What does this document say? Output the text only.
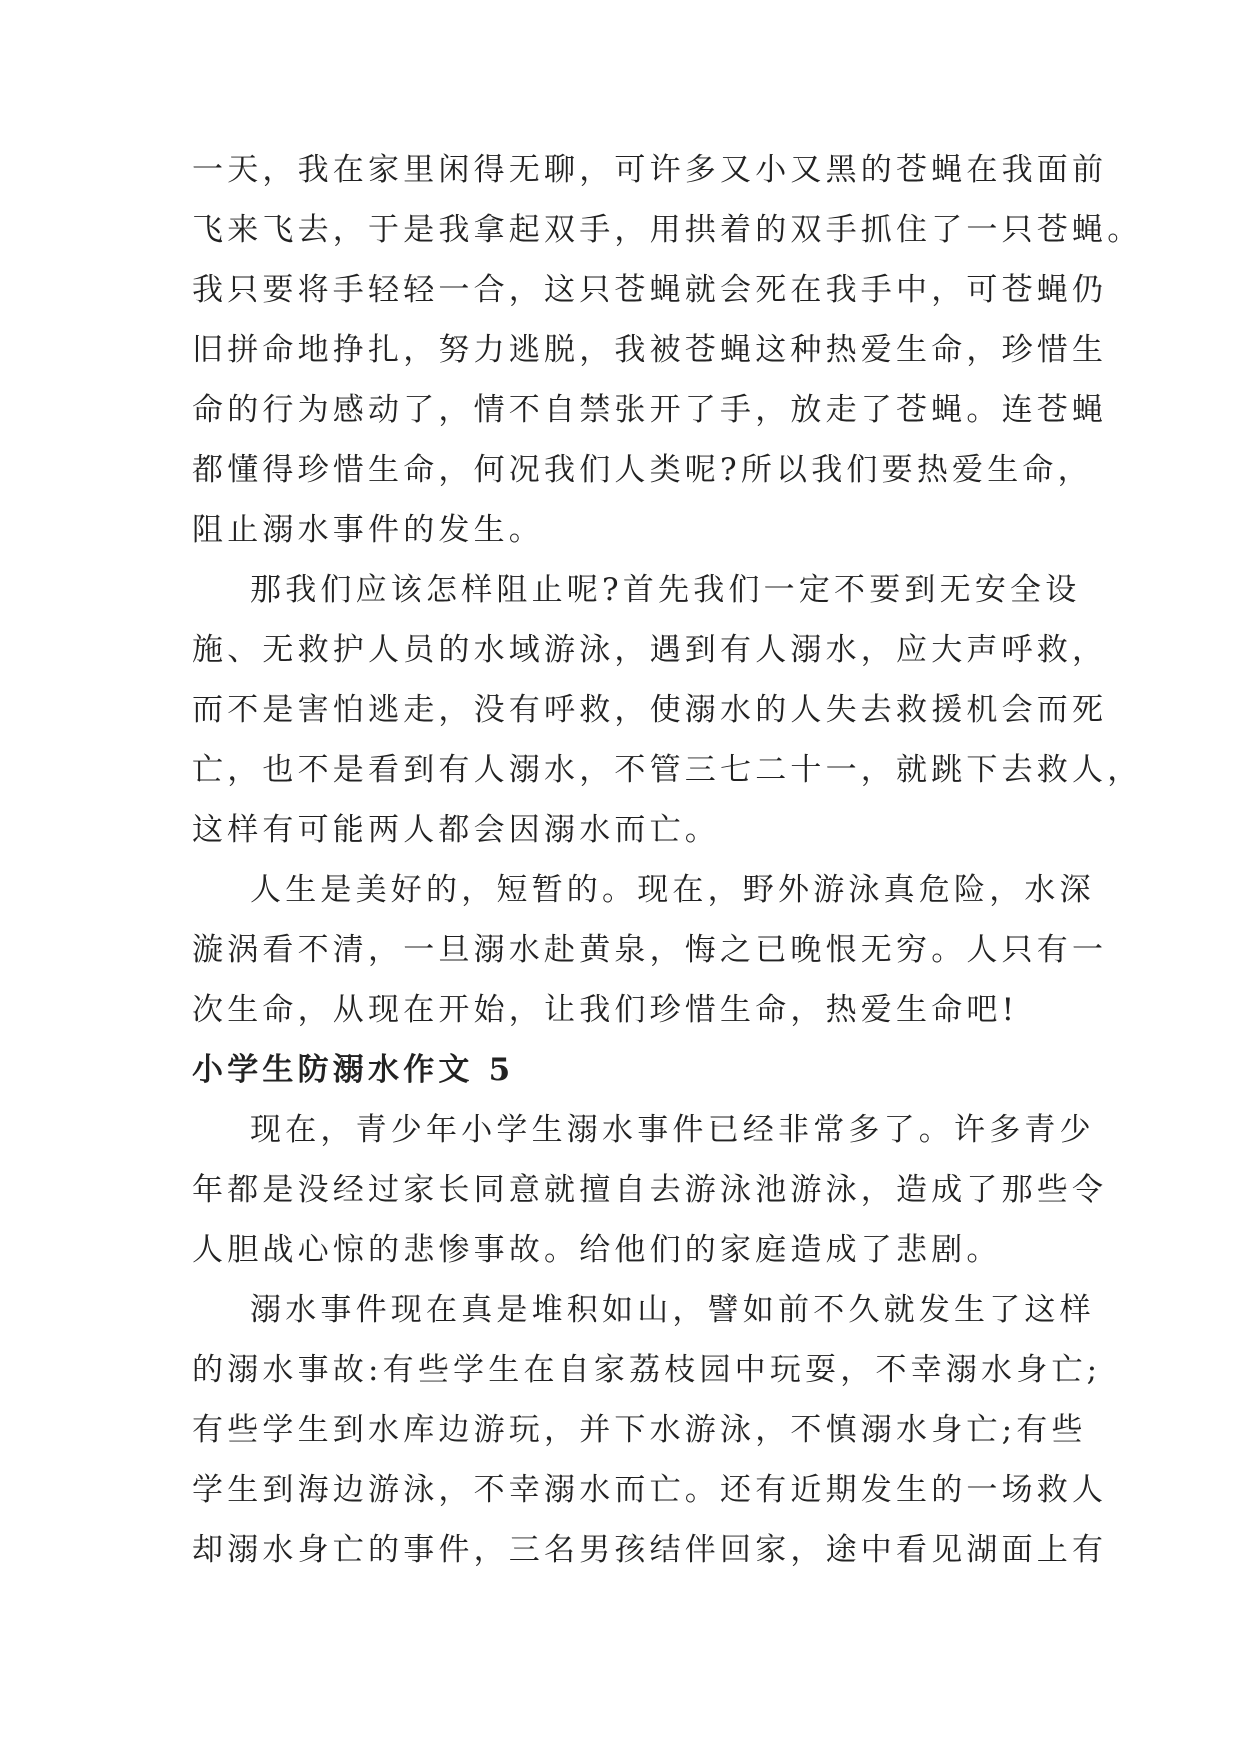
一天，我在家里闲得无聊，可许多又小又黑的苍蝇在我面前
飞来飞去，于是我拿起双手，用拱着的双手抓住了一只苍蝇。
我只要将手轻轻一合，这只苍蝇就会死在我手中，可苍蝇仍
旧拼命地挣扎，努力逃脱，我被苍蝇这种热爱生命，珍惜生
命的行为感动了，情不自禁张开了手，放走了苍蝇。连苍蝇
都懂得珍惜生命，何况我们人类呢?所以我们要热爱生命，
阻止溺水事件的发生。

那我们应该怎样阻止呢?首先我们一定不要到无安全设
施、无救护人员的水域游泳，遇到有人溺水，应大声呼救，
而不是害怕逃走，没有呼救，使溺水的人失去救援机会而死
亡，也不是看到有人溺水，不管三七二十一，就跳下去救人，
这样有可能两人都会因溺水而亡。

人生是美好的，短暂的。现在，野外游泳真危险，水深
漩涡看不清，一旦溺水赴黄泉，悔之已晚恨无穷。人只有一
次生命，从现在开始，让我们珍惜生命，热爱生命吧!

小学生防溺水作文 5

现在，青少年小学生溺水事件已经非常多了。许多青少
年都是没经过家长同意就擅自去游泳池游泳，造成了那些令
人胆战心惊的悲惨事故。给他们的家庭造成了悲剧。

溺水事件现在真是堆积如山，譬如前不久就发生了这样
的溺水事故:有些学生在自家荔枝园中玩耍，不幸溺水身亡;
有些学生到水库边游玩，并下水游泳，不慎溺水身亡;有些
学生到海边游泳，不幸溺水而亡。还有近期发生的一场救人
却溺水身亡的事件，三名男孩结伴回家，途中看见湖面上有
